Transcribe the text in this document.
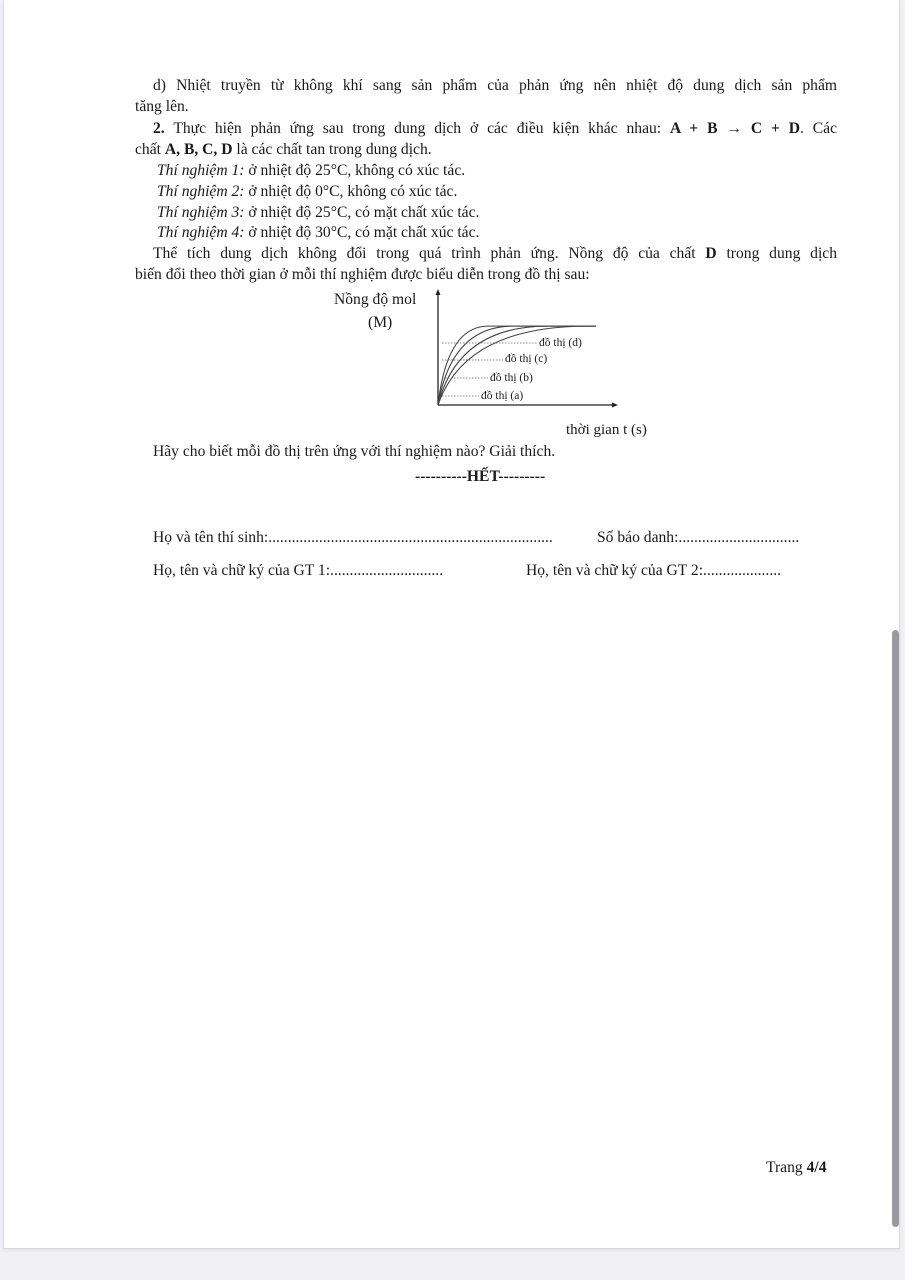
d) Nhiệt truyền từ không khí sang sản phẩm của phản ứng nên nhiệt độ dung dịch sản phẩm
tăng lên.
2. Thực hiện phản ứng sau trong dung dịch ở các điều kiện khác nhau: A + B → C + D. Các
chất A, B, C, D là các chất tan trong dung dịch.
Thí nghiệm 1: ở nhiệt độ 25°C, không có xúc tác.
Thí nghiệm 2: ở nhiệt độ 0°C, không có xúc tác.
Thí nghiệm 3: ở nhiệt độ 25°C, có mặt chất xúc tác.
Thí nghiệm 4: ở nhiệt độ 30°C, có mặt chất xúc tác.
Thể tích dung dịch không đổi trong quá trình phản ứng. Nồng độ của chất D trong dung dịch
biến đổi theo thời gian ở mỗi thí nghiệm được biểu diễn trong đồ thị sau:
Nồng độ mol
(M)
đồ thị (d)
đồ thị (c)
đồ thị (b)
đồ thị (a)
thời gian t (s)
Hãy cho biết mỗi đồ thị trên ứng với thí nghiệm nào? Giải thích.
----------HẾT---------
Họ và tên thí sinh:.........................................................................	Số báo danh:...............................
Họ, tên và chữ ký của GT 1:.............................	Họ, tên và chữ ký của GT 2:....................
Trang 4/4
